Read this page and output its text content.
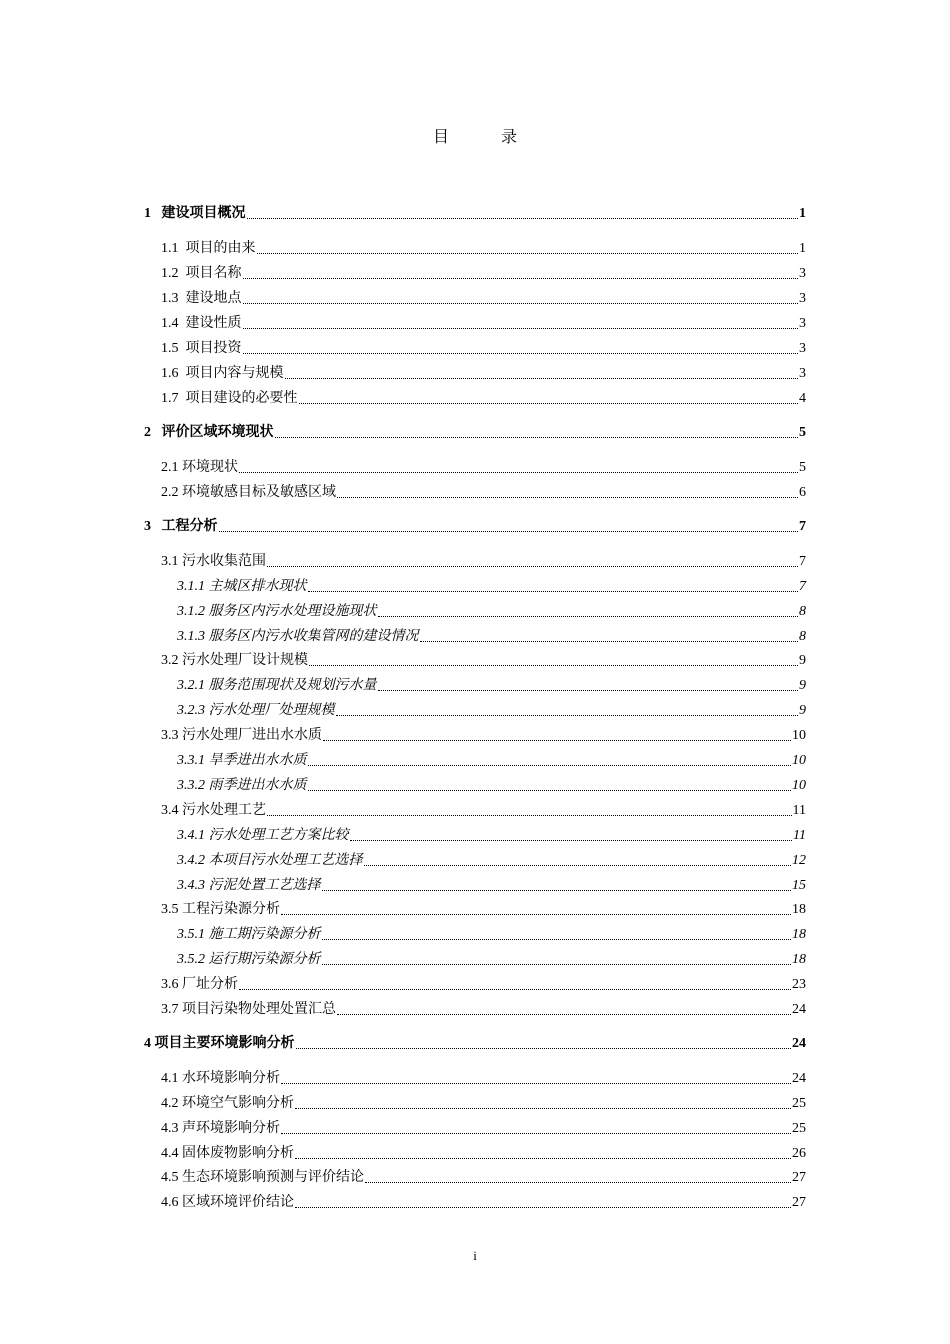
目　录
1 建设项目概况	1
1.1 项目的由来	1
1.2 项目名称	3
1.3 建设地点	3
1.4 建设性质	3
1.5 项目投资	3
1.6 项目内容与规模	3
1.7 项目建设的必要性	4
2 评价区域环境现状	5
2.1 环境现状	5
2.2 环境敏感目标及敏感区域	6
3 工程分析	7
3.1 污水收集范围	7
3.1.1 主城区排水现状	7
3.1.2 服务区内污水处理设施现状	8
3.1.3 服务区内污水收集管网的建设情况	8
3.2 污水处理厂设计规模	9
3.2.1 服务范围现状及规划污水量	9
3.2.3 污水处理厂处理规模	9
3.3 污水处理厂进出水水质	10
3.3.1 旱季进出水水质	10
3.3.2 雨季进出水水质	10
3.4 污水处理工艺	11
3.4.1 污水处理工艺方案比较	11
3.4.2 本项目污水处理工艺选择	12
3.4.3 污泥处置工艺选择	15
3.5 工程污染源分析	18
3.5.1 施工期污染源分析	18
3.5.2 运行期污染源分析	18
3.6 厂址分析	23
3.7 项目污染物处理处置汇总	24
4 项目主要环境影响分析	24
4.1 水环境影响分析	24
4.2 环境空气影响分析	25
4.3 声环境影响分析	25
4.4 固体废物影响分析	26
4.5 生态环境影响预测与评价结论	27
4.6 区域环境评价结论	27
i
